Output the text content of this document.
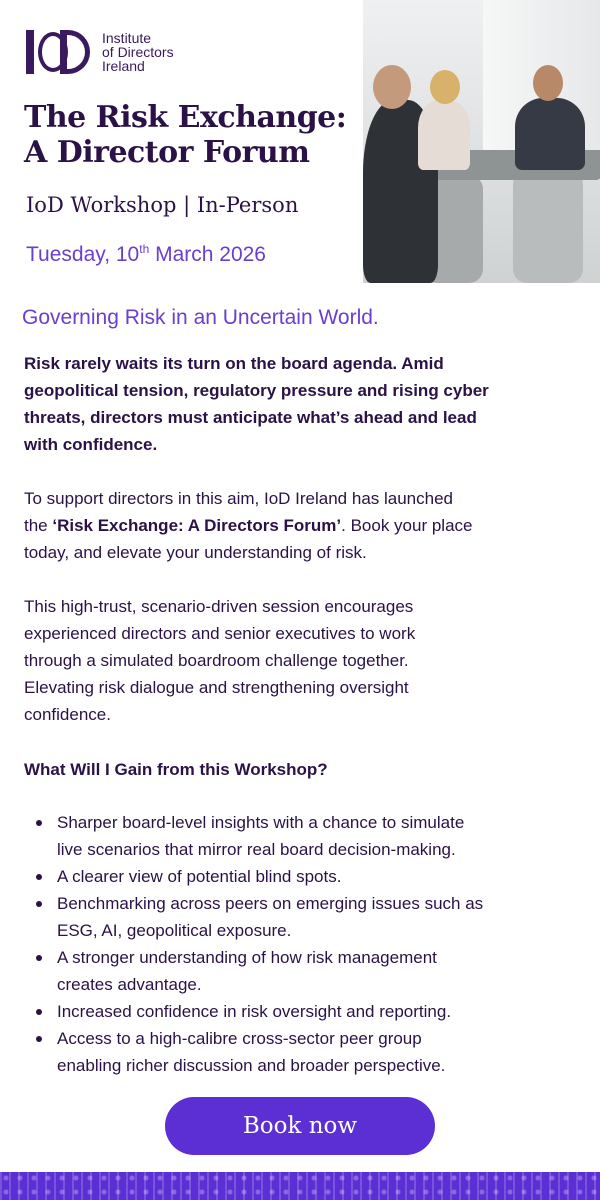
Institute
of Directors
Ireland
The Risk Exchange:
A Director Forum
IoD Workshop | In-Person
Tuesday, 10th March 2026
Governing Risk in an Uncertain World.
Risk rarely waits its turn on the board agenda. Amid
geopolitical tension, regulatory pressure and rising cyber
threats, directors must anticipate what’s ahead and lead
with confidence.
To support directors in this aim, IoD Ireland has launched
the ‘Risk Exchange: A Directors Forum’. Book your place
today, and elevate your understanding of risk.
This high-trust, scenario-driven session encourages
experienced directors and senior executives to work
through a simulated boardroom challenge together.
Elevating risk dialogue and strengthening oversight
confidence.
What Will I Gain from this Workshop?
Sharper board-level insights with a chance to simulate
live scenarios that mirror real board decision-making.
A clearer view of potential blind spots.
Benchmarking across peers on emerging issues such as
ESG, AI, geopolitical exposure.
A stronger understanding of how risk management
creates advantage.
Increased confidence in risk oversight and reporting.
Access to a high-calibre cross-sector peer group
enabling richer discussion and broader perspective.
Book now
